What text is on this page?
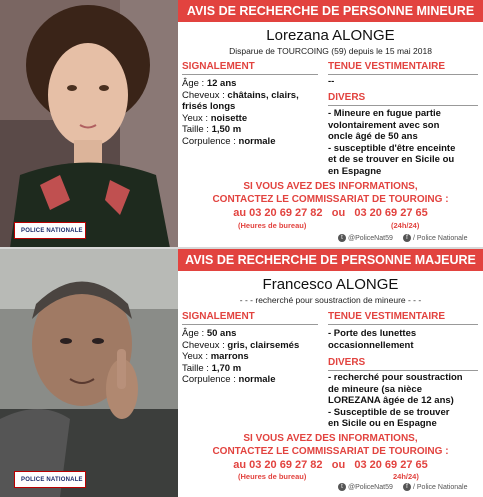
POLICE NATIONALE
AVIS DE RECHERCHE DE PERSONNE MINEURE
Lorezana ALONGE
Disparue de TOURCOING (59) depuis le 15 mai 2018
SIGNALEMENT
Âge : 12 ans
Cheveux : châtains, clairs,
frisés longs
Yeux : noisette
Taille : 1,50 m
Corpulence : normale
TENUE VESTIMENTAIRE
--
DIVERS
- Mineure en fugue partie
volontairement avec son
oncle âgé de 50 ans
- susceptible d'être enceinte
et de se trouver en Sicile ou
en Espagne
SI VOUS AVEZ DES INFORMATIONS,
CONTACTEZ LE COMMISSARIAT DE TOUROING :
au 03 20 69 27 82 ou 03 20 69 27 65
(Heures de bureau)	(24h/24)
t @PoliceNat59	f / Police Nationale
POLICE NATIONALE
AVIS DE RECHERCHE DE PERSONNE MAJEURE
Francesco ALONGE
- - - recherché pour soustraction de mineure - - -
SIGNALEMENT
Âge : 50 ans
Cheveux : gris, clairsemés
Yeux : marrons
Taille : 1,70 m
Corpulence : normale
TENUE VESTIMENTAIRE
- Porte des lunettes
occasionnellement
DIVERS
- recherché pour soustraction
de mineure (sa nièce
LOREZANA âgée de 12 ans)
- Susceptible de se trouver
en Sicile ou en Espagne
SI VOUS AVEZ DES INFORMATIONS,
CONTACTEZ LE COMMISSARIAT DE TOUROING :
au 03 20 69 27 82 ou 03 20 69 27 65
(Heures de bureau)	24h/24)
t @PoliceNat59	f / Police Nationale
